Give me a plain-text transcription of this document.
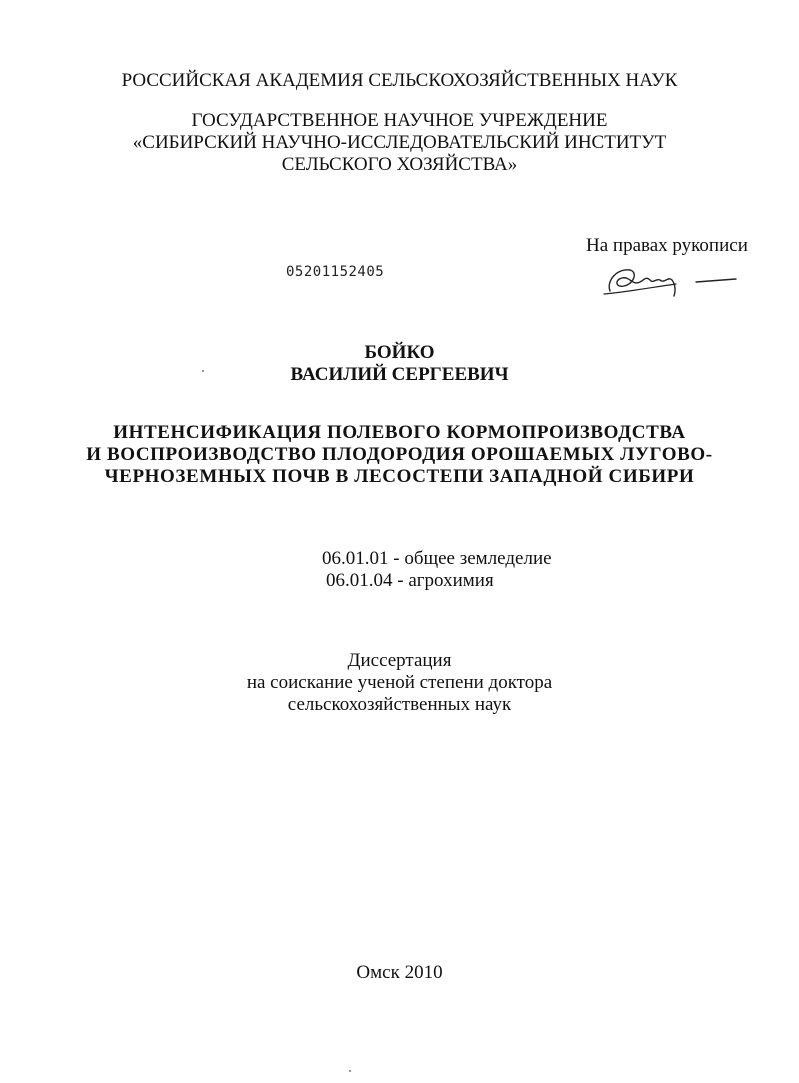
РОССИЙСКАЯ АКАДЕМИЯ СЕЛЬСКОХОЗЯЙСТВЕННЫХ НАУК
ГОСУДАРСТВЕННОЕ НАУЧНОЕ УЧРЕЖДЕНИЕ
«СИБИРСКИЙ НАУЧНО-ИССЛЕДОВАТЕЛЬСКИЙ ИНСТИТУТ
СЕЛЬСКОГО ХОЗЯЙСТВА»
На правах рукописи
05201152405
БОЙКО
ВАСИЛИЙ СЕРГЕЕВИЧ
ИНТЕНСИФИКАЦИЯ ПОЛЕВОГО КОРМОПРОИЗВОДСТВА
И ВОСПРОИЗВОДСТВО ПЛОДОРОДИЯ ОРОШАЕМЫХ ЛУГОВО-
ЧЕРНОЗЕМНЫХ ПОЧВ В ЛЕСОСТЕПИ ЗАПАДНОЙ СИБИРИ
06.01.01 - общее земледелие
06.01.04 - агрохимия
Диссертация
на соискание ученой степени доктора
сельскохозяйственных наук
Омск 2010
